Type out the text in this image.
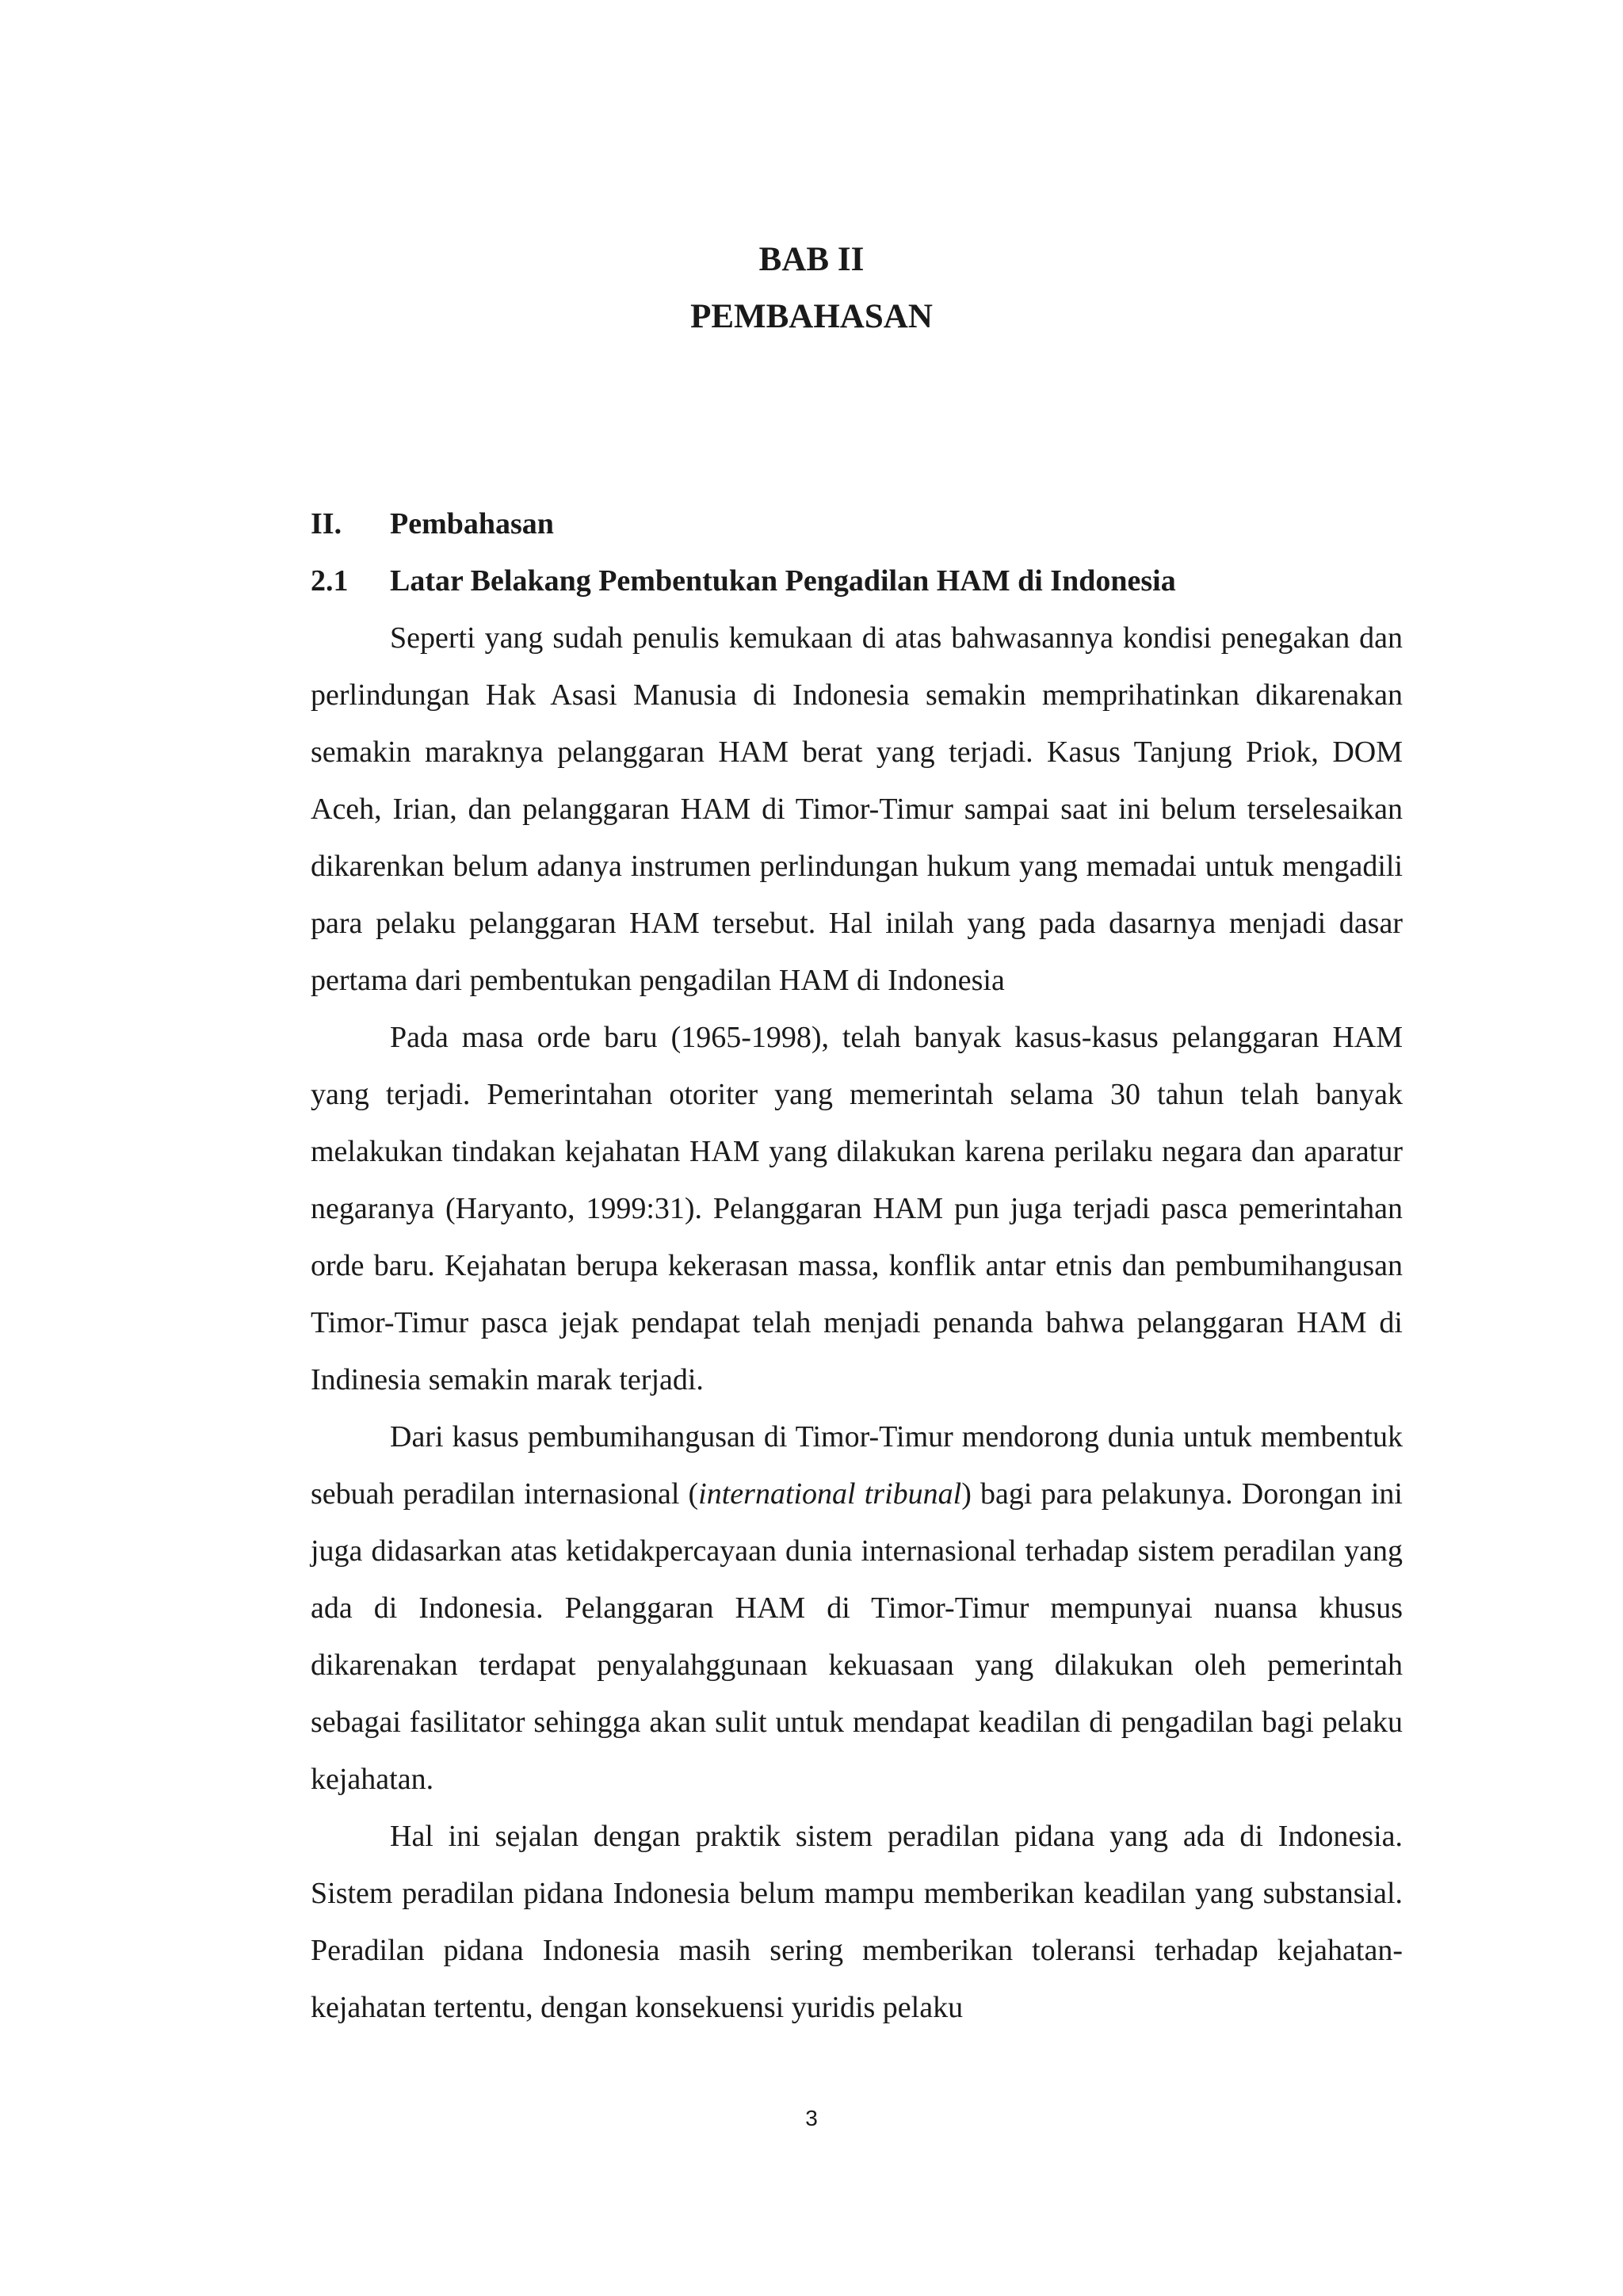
BAB II
PEMBAHASAN
II.	Pembahasan
2.1	Latar Belakang Pembentukan Pengadilan HAM di Indonesia

Seperti yang sudah penulis kemukaan di atas bahwasannya kondisi penegakan dan perlindungan Hak Asasi Manusia di Indonesia semakin memprihatinkan dikarenakan semakin maraknya pelanggaran HAM berat yang terjadi. Kasus Tanjung Priok, DOM Aceh, Irian, dan pelanggaran HAM di Timor-Timur sampai saat ini belum terselesaikan dikarenkan belum adanya instrumen perlindungan hukum yang memadai untuk mengadili para pelaku pelanggaran HAM tersebut. Hal inilah yang pada dasarnya menjadi dasar pertama dari pembentukan pengadilan HAM di Indonesia

Pada masa orde baru (1965-1998), telah banyak kasus-kasus pelanggaran HAM yang terjadi. Pemerintahan otoriter yang memerintah selama 30 tahun telah banyak melakukan tindakan kejahatan HAM yang dilakukan karena perilaku negara dan aparatur negaranya (Haryanto, 1999:31). Pelanggaran HAM pun juga terjadi pasca pemerintahan orde baru. Kejahatan berupa kekerasan massa, konflik antar etnis dan pembumihangusan Timor-Timur pasca jejak pendapat telah menjadi penanda bahwa pelanggaran HAM di Indinesia semakin marak terjadi.

Dari kasus pembumihangusan di Timor-Timur mendorong dunia untuk membentuk sebuah peradilan internasional (international tribunal) bagi para pelakunya. Dorongan ini juga didasarkan atas ketidakpercayaan dunia internasional terhadap sistem peradilan yang ada di Indonesia. Pelanggaran HAM di Timor-Timur mempunyai nuansa khusus dikarenakan terdapat penyalahggunaan kekuasaan yang dilakukan oleh pemerintah sebagai fasilitator sehingga akan sulit untuk mendapat keadilan di pengadilan bagi pelaku kejahatan.

Hal ini sejalan dengan praktik sistem peradilan pidana yang ada di Indonesia. Sistem peradilan pidana Indonesia belum mampu memberikan keadilan yang substansial. Peradilan pidana Indonesia masih sering memberikan toleransi terhadap kejahatan-kejahatan tertentu, dengan konsekuensi yuridis pelaku

3
